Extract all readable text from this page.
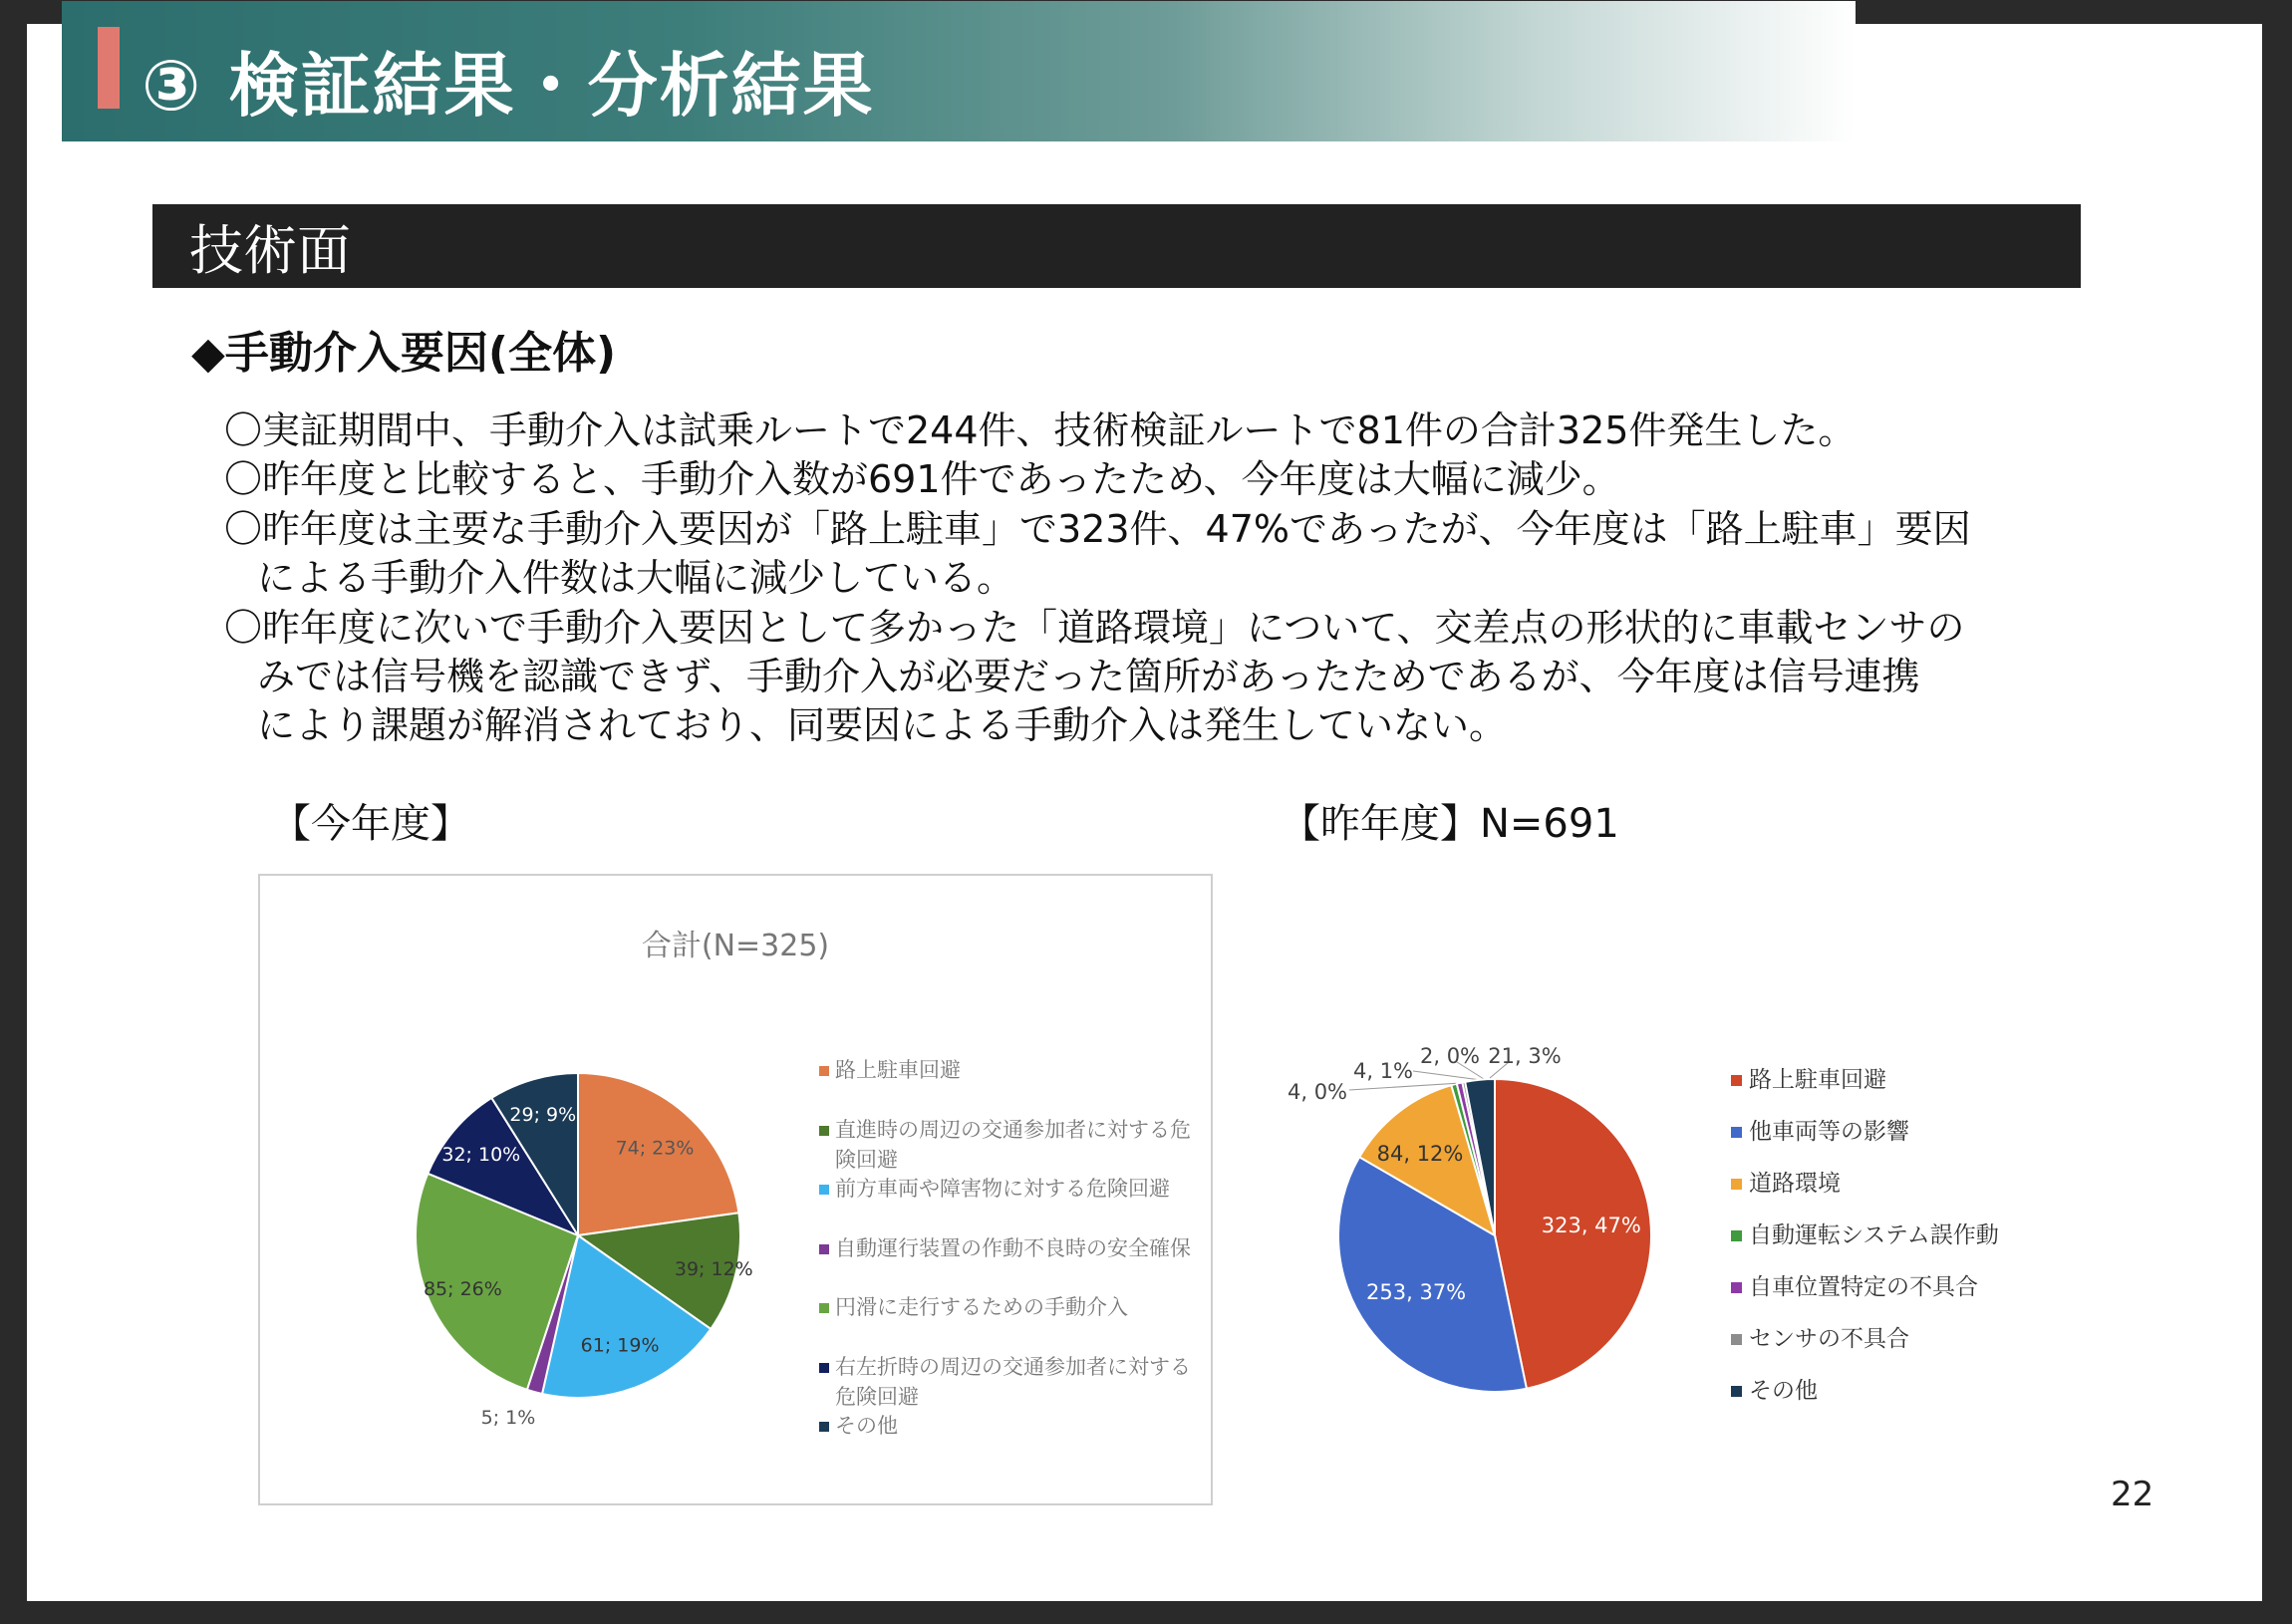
③ 検証結果・分析結果
技術面
◆手動介入要因(全体)
〇実証期間中、手動介入は試乗ルートで244件、技術検証ルートで81件の合計325件発生した。
〇昨年度と比較すると、手動介入数が691件であったため、今年度は大幅に減少。
〇昨年度は主要な手動介入要因が「路上駐車」で323件、47%であったが、今年度は「路上駐車」要因
による手動介入件数は大幅に減少している。
〇昨年度に次いで手動介入要因として多かった「道路環境」について、交差点の形状的に車載センサの
みでは信号機を認識できず、手動介入が必要だった箇所があったためであるが、今年度は信号連携
により課題が解消されており、同要因による手動介入は発生していない。
【今年度】	【昨年度】N=691
合計(N=325)
74; 23%
39; 12%
61; 19%
5; 1%
85; 26%
32; 10%
29; 9%
323, 47%
253, 37%
84, 12%
4, 0%
4, 1%
2, 0% 21, 3%
路上駐車回避
直進時の周辺の交通参加者に対する危
険回避
前方車両や障害物に対する危険回避
自動運行装置の作動不良時の安全確保
円滑に走行するための手動介入
右左折時の周辺の交通参加者に対する
危険回避
その他
路上駐車回避
他車両等の影響
道路環境
自動運転システム誤作動
自車位置特定の不具合
センサの不具合
その他
22
